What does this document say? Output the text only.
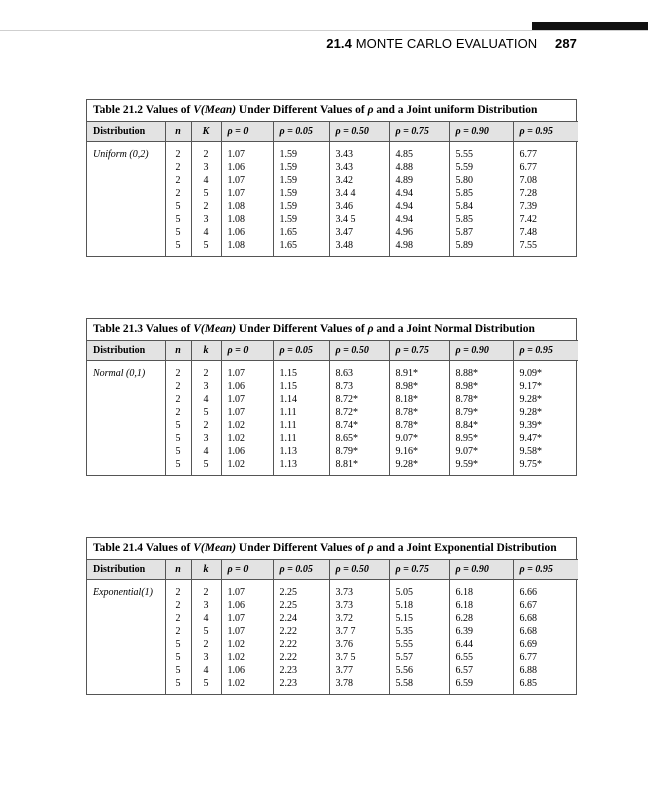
21.4 MONTE CARLO EVALUATION 287
Table 21.2 Values of V(Mean) Under Different Values of ρ and a Joint uniform Distribution
Distribution	n	K	ρ = 0	ρ = 0.05	ρ = 0.50	ρ = 0.75	ρ = 0.90	ρ = 0.95
Uniform (0,2)	2	2	1.07	1.59	3.43	4.85	5.55	6.77
	2	3	1.06	1.59	3.43	4.88	5.59	6.77
	2	4	1.07	1.59	3.42	4.89	5.80	7.08
	2	5	1.07	1.59	3.4 4	4.94	5.85	7.28
	5	2	1.08	1.59	3.46	4.94	5.84	7.39
	5	3	1.08	1.59	3.4 5	4.94	5.85	7.42
	5	4	1.06	1.65	3.47	4.96	5.87	7.48
	5	5	1.08	1.65	3.48	4.98	5.89	7.55
Table 21.3 Values of V(Mean) Under Different Values of ρ and a Joint Normal Distribution
Distribution	n	k	ρ = 0	ρ = 0.05	ρ = 0.50	ρ = 0.75	ρ = 0.90	ρ = 0.95
Normal (0,1)	2	2	1.07	1.15	8.63	8.91*	8.88*	9.09*
	2	3	1.06	1.15	8.73	8.98*	8.98*	9.17*
	2	4	1.07	1.14	8.72*	8.18*	8.78*	9.28*
	2	5	1.07	1.11	8.72*	8.78*	8.79*	9.28*
	5	2	1.02	1.11	8.74*	8.78*	8.84*	9.39*
	5	3	1.02	1.11	8.65*	9.07*	8.95*	9.47*
	5	4	1.06	1.13	8.79*	9.16*	9.07*	9.58*
	5	5	1.02	1.13	8.81*	9.28*	9.59*	9.75*
Table 21.4 Values of V(Mean) Under Different Values of ρ and a Joint Exponential Distribution
Distribution	n	k	ρ = 0	ρ = 0.05	ρ = 0.50	ρ = 0.75	ρ = 0.90	ρ = 0.95
Exponential(1)	2	2	1.07	2.25	3.73	5.05	6.18	6.66
	2	3	1.06	2.25	3.73	5.18	6.18	6.67
	2	4	1.07	2.24	3.72	5.15	6.28	6.68
	2	5	1.07	2.22	3.7 7	5.35	6.39	6.68
	5	2	1.02	2.22	3.76	5.55	6.44	6.69
	5	3	1.02	2.22	3.7 5	5.57	6.55	6.77
	5	4	1.06	2.23	3.77	5.56	6.57	6.88
	5	5	1.02	2.23	3.78	5.58	6.59	6.85
